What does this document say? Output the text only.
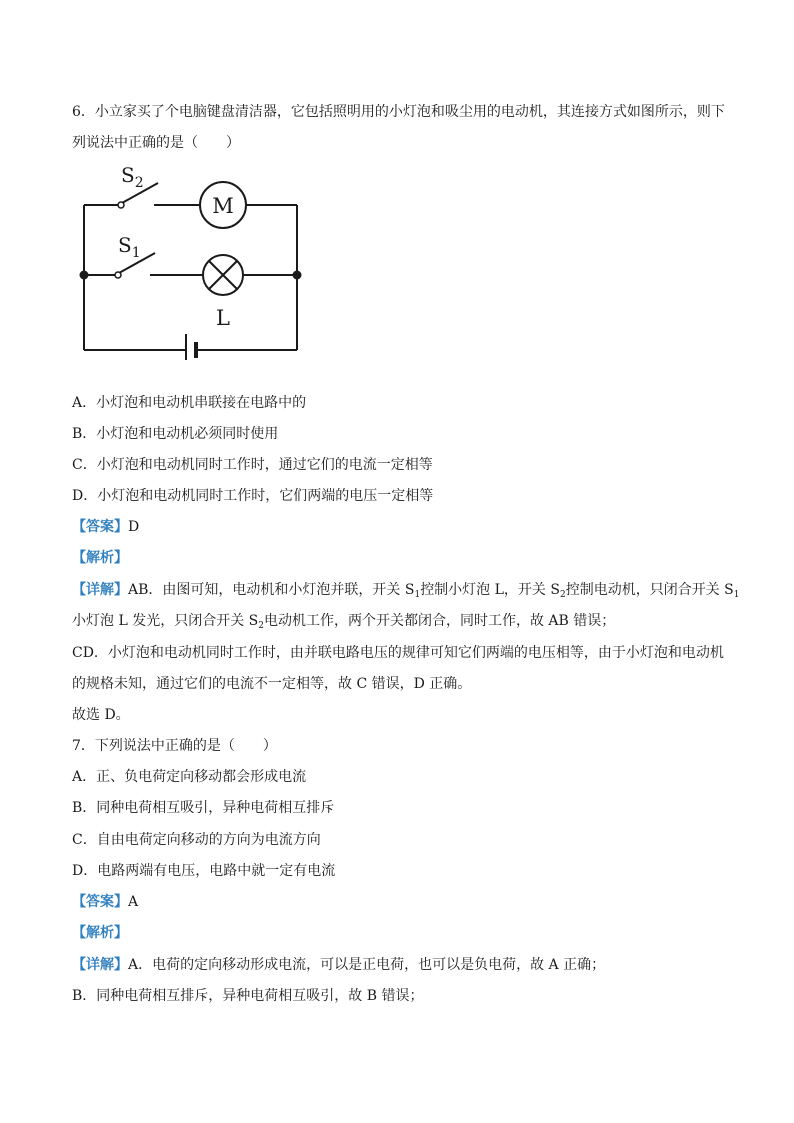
6．小立家买了个电脑键盘清洁器，它包括照明用的小灯泡和吸尘用的电动机，其连接方式如图所示，则下
列说法中正确的是（　　）
$S_2$
$S_1$
M
L
A．小灯泡和电动机串联接在电路中的
B．小灯泡和电动机必须同时使用
C．小灯泡和电动机同时工作时，通过它们的电流一定相等
D．小灯泡和电动机同时工作时，它们两端的电压一定相等
【答案】D
【解析】
【详解】AB．由图可知，电动机和小灯泡并联，开关 $S_1$控制小灯泡 L，开关 $S_2$控制电动机，只闭合开关 $S_1$
小灯泡 L 发光，只闭合开关 $S_2$电动机工作，两个开关都闭合，同时工作，故 AB 错误；
CD．小灯泡和电动机同时工作时，由并联电路电压的规律可知它们两端的电压相等，由于小灯泡和电动机
的规格未知，通过它们的电流不一定相等，故 C 错误，D 正确。
故选 D。
7．下列说法中正确的是（　　）
A．正、负电荷定向移动都会形成电流
B．同种电荷相互吸引，异种电荷相互排斥
C．自由电荷定向移动的方向为电流方向
D．电路两端有电压，电路中就一定有电流
【答案】A
【解析】
【详解】A．电荷的定向移动形成电流，可以是正电荷，也可以是负电荷，故 A 正确；
B．同种电荷相互排斥，异种电荷相互吸引，故 B 错误；
